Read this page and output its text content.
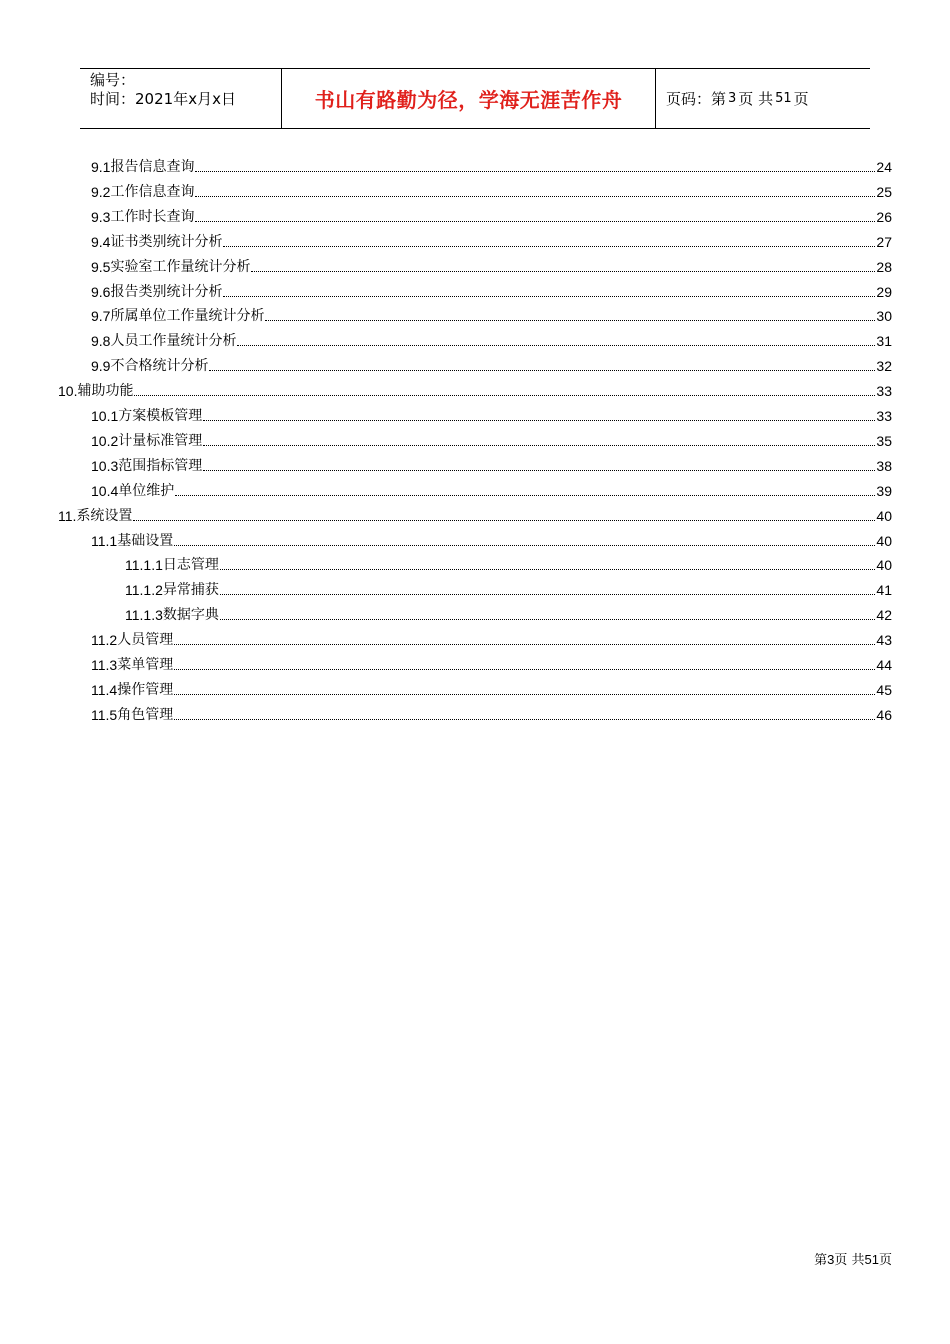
编号：
时间：2021年x月x日	书山有路勤为径，学海无涯苦作舟	页码：第 3 页 共 51 页
9.1 报告信息查询	24
9.2 工作信息查询	25
9.3 工作时长查询	26
9.4 证书类别统计分析	27
9.5 实验室工作量统计分析	28
9.6 报告类别统计分析	29
9.7 所属单位工作量统计分析	30
9.8 人员工作量统计分析	31
9.9 不合格统计分析	32
10. 辅助功能	33
10.1 方案模板管理	33
10.2 计量标准管理	35
10.3 范围指标管理	38
10.4 单位维护	39
11. 系统设置	40
11.1 基础设置	40
11.1.1 日志管理	40
11.1.2 异常捕获	41
11.1.3 数据字典	42
11.2 人员管理	43
11.3 菜单管理	44
11.4 操作管理	45
11.5 角色管理	46
第3页 共51页
